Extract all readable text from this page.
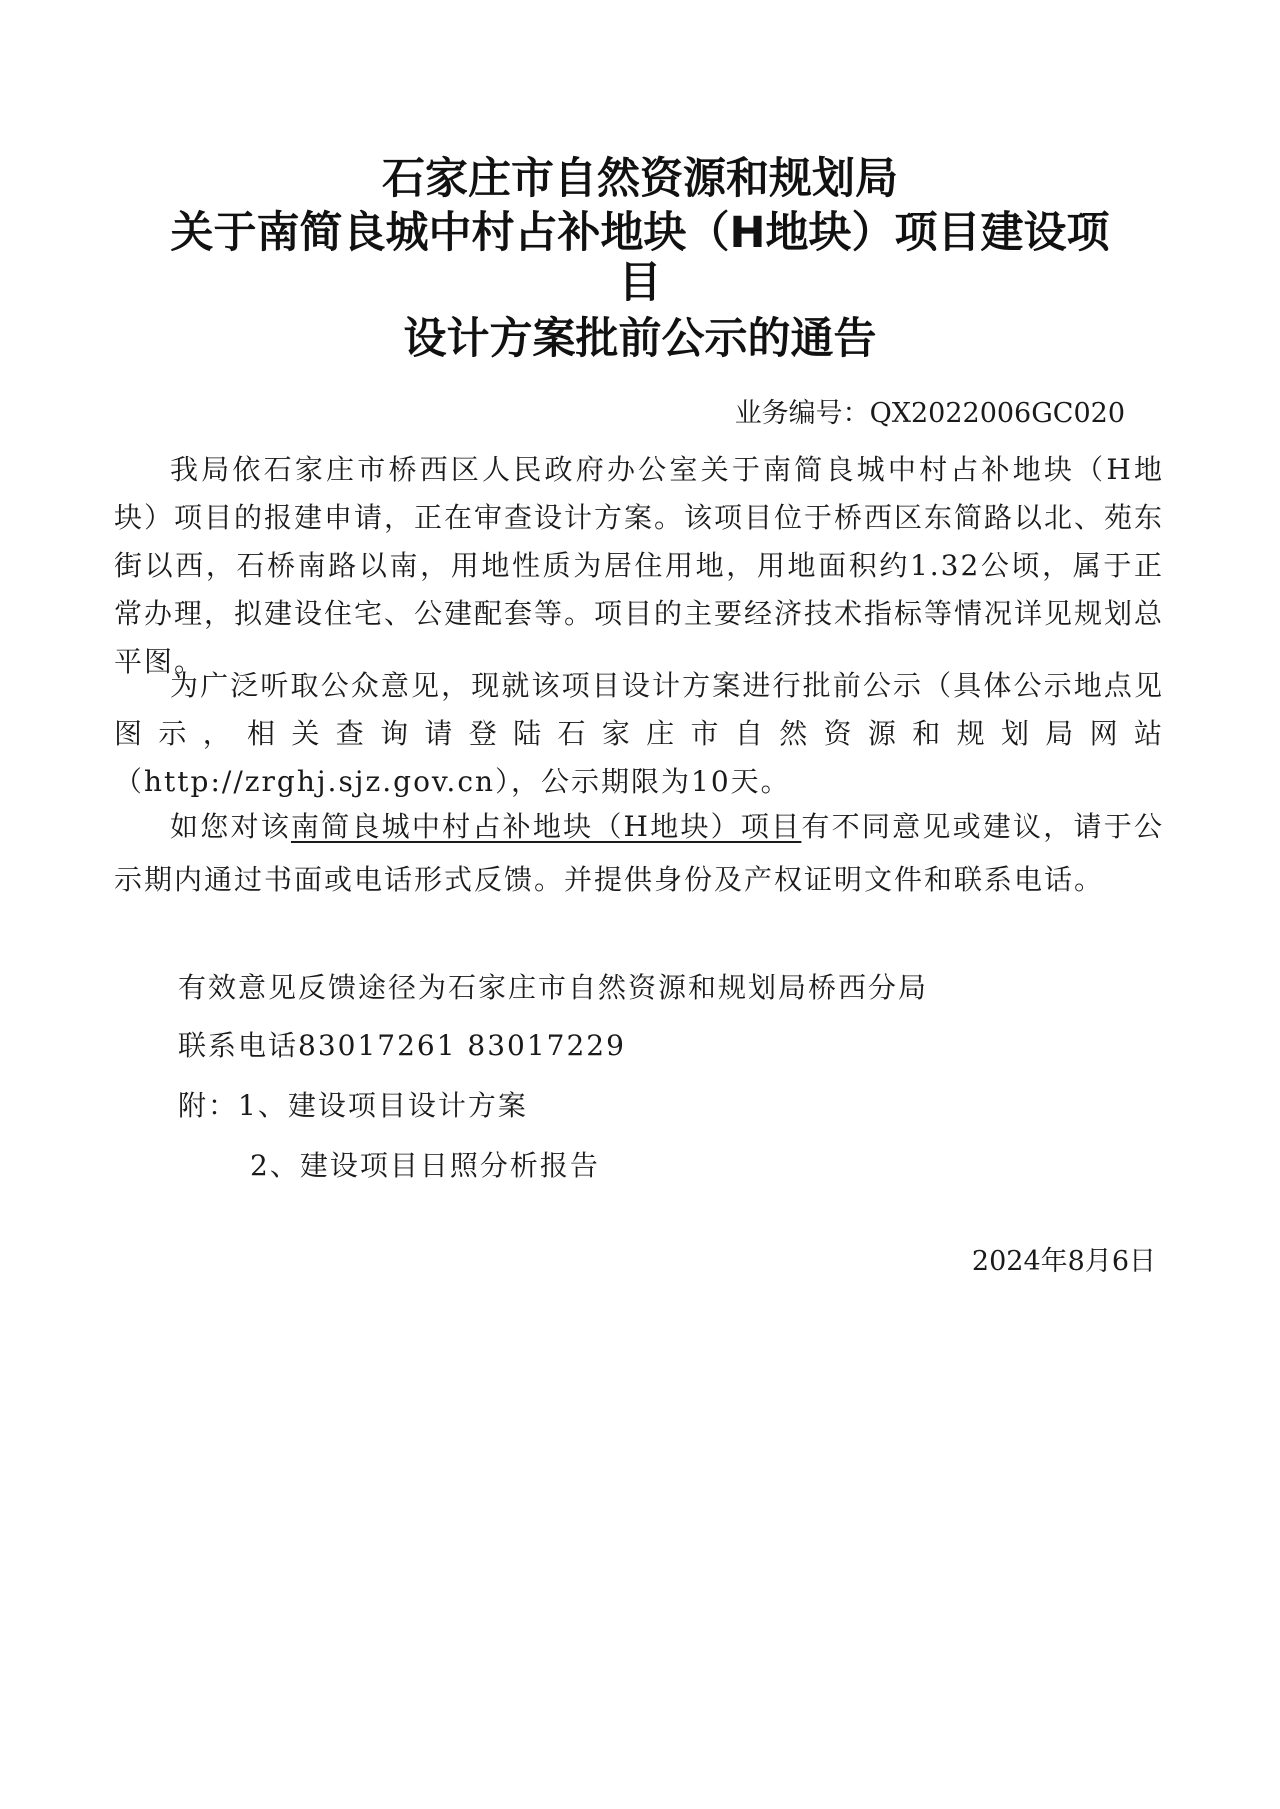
石家庄市自然资源和规划局
关于南简良城中村占补地块（H地块）项目建设项
目
设计方案批前公示的通告
业务编号：QX2022006GC020

我局依石家庄市桥西区人民政府办公室关于南简良城中村占补地块（H地块）项目的报建申请，正在审查设计方案。该项目位于桥西区东简路以北、苑东街以西，石桥南路以南，用地性质为居住用地，用地面积约1.32公顷，属于正常办理，拟建设住宅、公建配套等。项目的主要经济技术指标等情况详见规划总平图。

为广泛听取公众意见，现就该项目设计方案进行批前公示（具体公示地点见图示，相关查询请登陆石家庄市自然资源和规划局网站（http://zrghj.sjz.gov.cn），公示期限为10天。

如您对该南简良城中村占补地块（H地块）项目有不同意见或建议，请于公示期内通过书面或电话形式反馈。并提供身份及产权证明文件和联系电话。

有效意见反馈途径为石家庄市自然资源和规划局桥西分局
联系电话83017261 83017229
附：1、建设项目设计方案
2、建设项目日照分析报告
2024年8月6日
